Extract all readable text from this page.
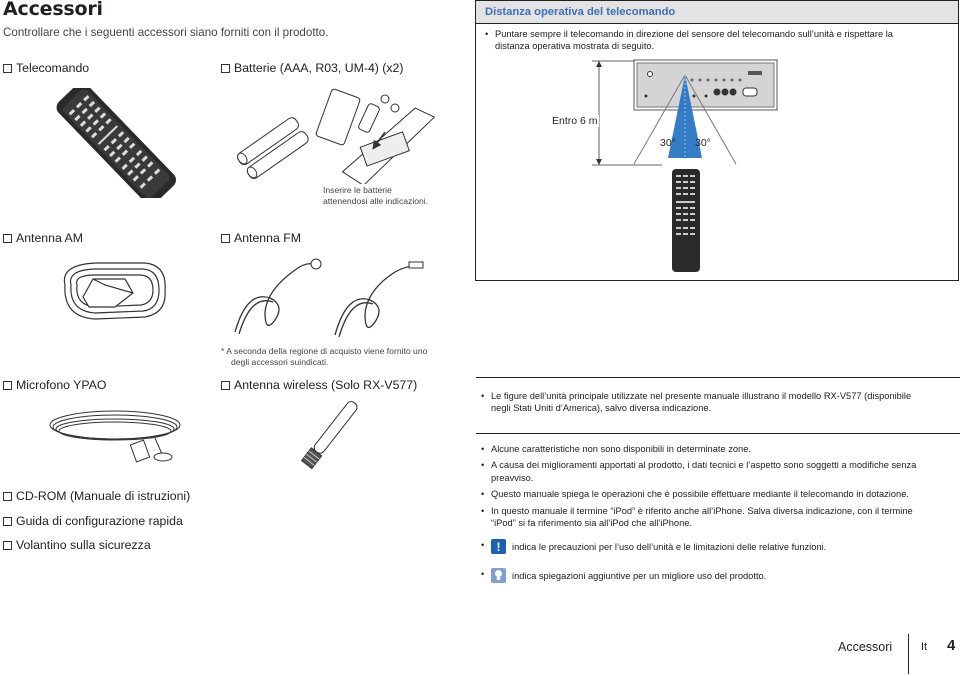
Accessori
Controllare che i seguenti accessori siano forniti con il prodotto.
Telecomando	Batterie (AAA, R03, UM-4) (x2)
Inserire le batterie
attenendosi alle indicazioni.
Distanza operativa del telecomando
• Puntare sempre il telecomando in direzione del sensore del telecomando sull’unità e rispettare la distanza operativa mostrata di seguito.
Entro 6 m
30° 30°
Antenna AM	Antenna FM
* A seconda della regione di acquisto viene fornito uno
degli accessori suindicati.
Microfono YPAO	Antenna wireless (Solo RX-V577)
CD-ROM (Manuale di istruzioni)
Guida di configurazione rapida
Volantino sulla sicurezza
• Le figure dell’unità principale utilizzate nel presente manuale illustrano il modello RX-V577 (disponibile negli Stati Uniti d’America), salvo diversa indicazione.
• Alcune caratteristiche non sono disponibili in determinate zone.
• A causa dei miglioramenti apportati al prodotto, i dati tecnici e l’aspetto sono soggetti a modifiche senza preavviso.
• Questo manuale spiega le operazioni che è possibile effettuare mediante il telecomando in dotazione.
• In questo manuale il termine “iPod” è riferito anche all’iPhone. Salva diversa indicazione, con il termine “iPod” si fa riferimento sia all’iPod che all’iPhone.
• !	indica le precauzioni per l’uso dell’unità e le limitazioni delle relative funzioni.
• indica spiegazioni aggiuntive per un migliore uso del prodotto.
Accessori	It 4
